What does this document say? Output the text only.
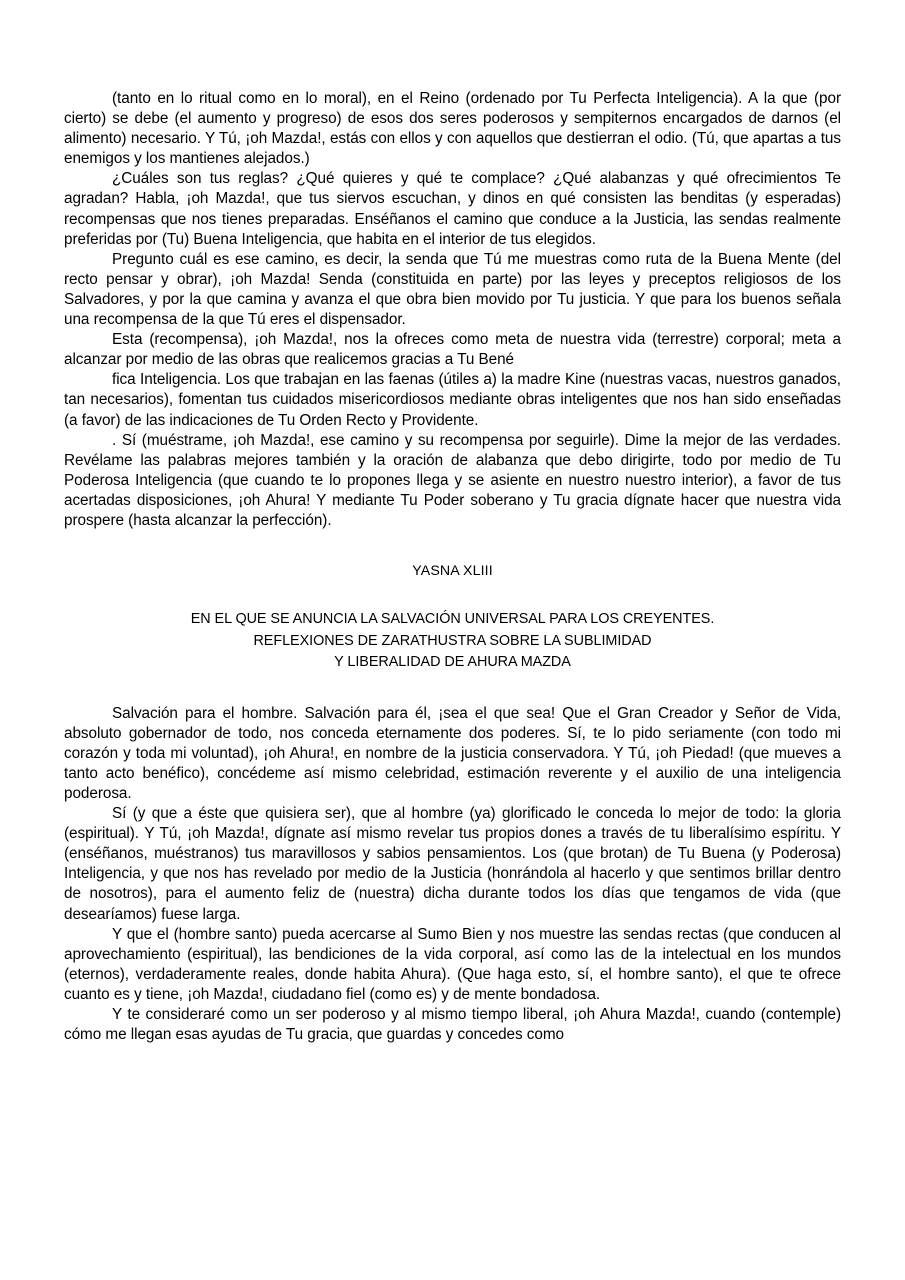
(tanto en lo ritual como en lo moral), en el Reino (ordenado por Tu Perfecta Inteligencia). A la que (por cierto) se debe (el aumento y progreso) de esos dos seres poderosos y sempiternos encargados de darnos (el alimento) necesario. Y Tú, ¡oh Mazda!, estás con ellos y con aquellos que destierran el odio. (Tú, que apartas a tus enemigos y los mantienes alejados.)

¿Cuáles son tus reglas? ¿Qué quieres y qué te complace? ¿Qué alabanzas y qué ofrecimientos Te agradan? Habla, ¡oh Mazda!, que tus siervos escuchan, y dinos en qué consisten las benditas (y esperadas) recompensas que nos tienes preparadas. Enséñanos el camino que conduce a la Justicia, las sendas realmente preferidas por (Tu) Buena Inteligencia, que habita en el interior de tus elegidos.

Pregunto cuál es ese camino, es decir, la senda que Tú me muestras como ruta de la Buena Mente (del recto pensar y obrar), ¡oh Mazda! Senda (constituida en parte) por las leyes y preceptos religiosos de los Salvadores, y por la que camina y avanza el que obra bien movido por Tu justicia. Y que para los buenos señala una recompensa de la que Tú eres el dispensador.

Esta (recompensa), ¡oh Mazda!, nos la ofreces como meta de nuestra vida (terrestre) corporal; meta a alcanzar por medio de las obras que realicemos gracias a Tu Bené

fica Inteligencia. Los que trabajan en las faenas (útiles a) la madre Kine (nuestras vacas, nuestros ganados, tan necesarios), fomentan tus cuidados misericordiosos mediante obras inteligentes que nos han sido enseñadas (a favor) de las indicaciones de Tu Orden Recto y Providente.

. Sí (muéstrame, ¡oh Mazda!, ese camino y su recompensa por seguirle). Dime la mejor de las verdades. Revélame las palabras mejores también y la oración de alabanza que debo dirigirte, todo por medio de Tu Poderosa Inteligencia (que cuando te lo propones llega y se asiente en nuestro nuestro interior), a favor de tus acertadas disposiciones, ¡oh Ahura! Y mediante Tu Poder soberano y Tu gracia dígnate hacer que nuestra vida prospere (hasta alcanzar la perfección).

YASNA XLIII
EN EL QUE SE ANUNCIA LA SALVACIÓN UNIVERSAL PARA LOS CREYENTES.
REFLEXIONES DE ZARATHUSTRA SOBRE LA SUBLIMIDAD
Y LIBERALIDAD DE AHURA MAZDA

Salvación para el hombre. Salvación para él, ¡sea el que sea! Que el Gran Creador y Señor de Vida, absoluto gobernador de todo, nos conceda eternamente dos poderes. Sí, te lo pido seriamente (con todo mi corazón y toda mi voluntad), ¡oh Ahura!, en nombre de la justicia conservadora. Y Tú, ¡oh Piedad! (que mueves a tanto acto benéfico), concédeme así mismo celebridad, estimación reverente y el auxilio de una inteligencia poderosa.

Sí (y que a éste que quisiera ser), que al hombre (ya) glorificado le conceda lo mejor de todo: la gloria (espiritual). Y Tú, ¡oh Mazda!, dígnate así mismo revelar tus propios dones a través de tu liberalísimo espíritu. Y (enséñanos, muéstranos) tus maravillosos y sabios pensamientos. Los (que brotan) de Tu Buena (y Poderosa) Inteligencia, y que nos has revelado por medio de la Justicia (honrándola al hacerlo y que sentimos brillar dentro de nosotros), para el aumento feliz de (nuestra) dicha durante todos los días que tengamos de vida (que desearíamos) fuese larga.

Y que el (hombre santo) pueda acercarse al Sumo Bien y nos muestre las sendas rectas (que conducen al aprovechamiento (espiritual), las bendiciones de la vida corporal, así como las de la intelectual en los mundos (eternos), verdaderamente reales, donde habita Ahura). (Que haga esto, sí, el hombre santo), el que te ofrece cuanto es y tiene, ¡oh Mazda!, ciudadano fiel (como es) y de mente bondadosa.

Y te consideraré como un ser poderoso y al mismo tiempo liberal, ¡oh Ahura Mazda!, cuando (contemple) cómo me llegan esas ayudas de Tu gracia, que guardas y concedes como
